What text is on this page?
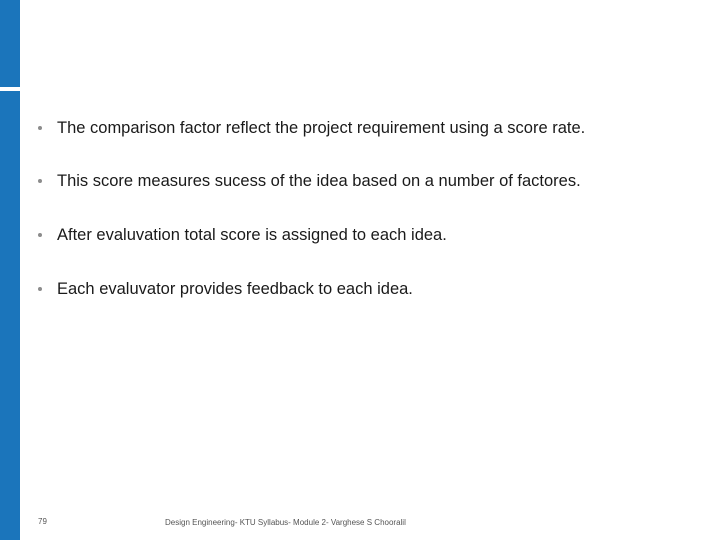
The comparison factor reflect the project requirement using a score rate.
This score measures sucess of the idea based on a number of factores.
After evaluvation total score is assigned to each idea.
Each evaluvator provides feedback to each idea.
79	Design Engineering- KTU Syllabus- Module 2- Varghese S Chooralil
